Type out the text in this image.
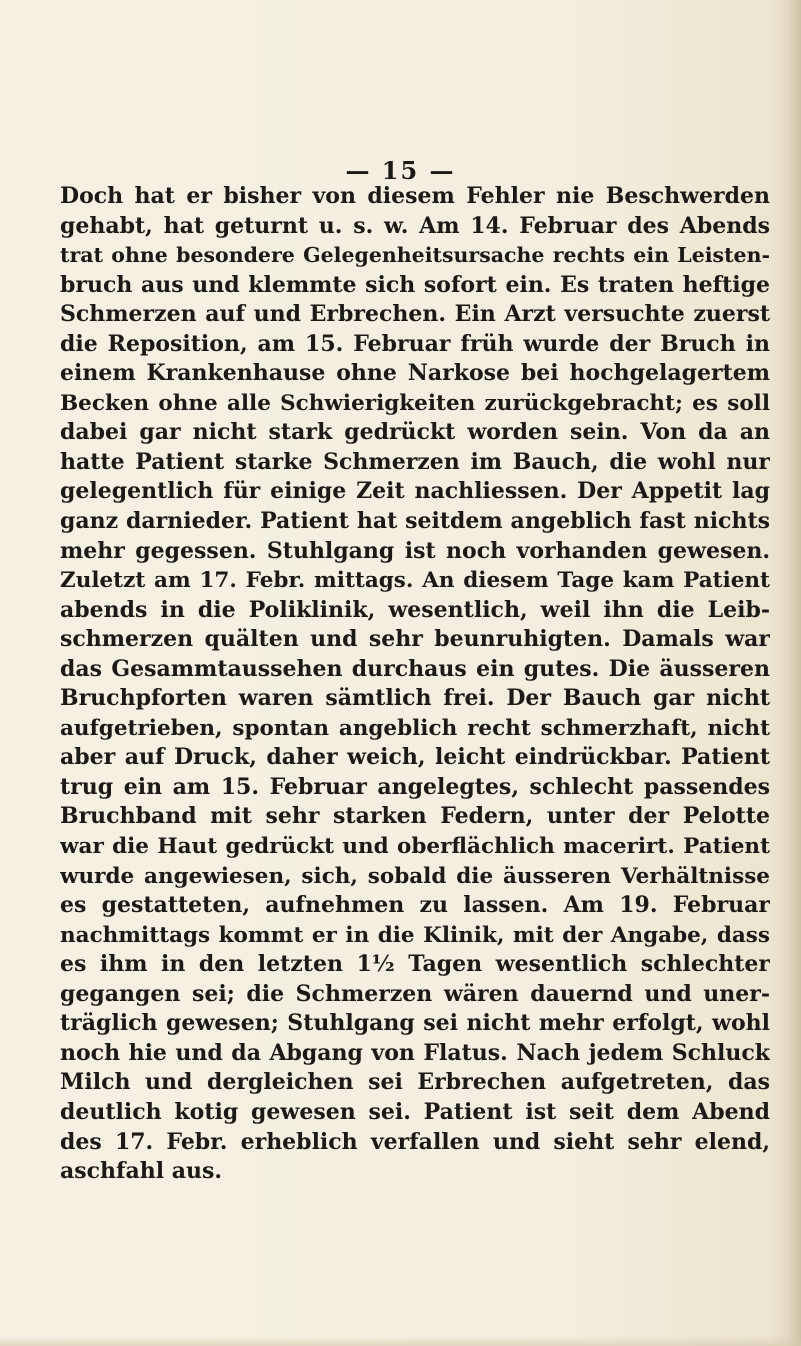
— 15 —
Doch hat er bisher von diesem Fehler nie Beschwerden
gehabt, hat geturnt u. s. w. Am 14. Februar des Abends
trat ohne besondere Gelegenheitsursache rechts ein Leisten-
bruch aus und klemmte sich sofort ein. Es traten heftige
Schmerzen auf und Erbrechen. Ein Arzt versuchte zuerst
die Reposition, am 15. Februar früh wurde der Bruch in
einem Krankenhause ohne Narkose bei hochgelagertem
Becken ohne alle Schwierigkeiten zurückgebracht; es soll
dabei gar nicht stark gedrückt worden sein. Von da an
hatte Patient starke Schmerzen im Bauch, die wohl nur
gelegentlich für einige Zeit nachliessen. Der Appetit lag
ganz darnieder. Patient hat seitdem angeblich fast nichts
mehr gegessen. Stuhlgang ist noch vorhanden gewesen.
Zuletzt am 17. Febr. mittags. An diesem Tage kam Patient
abends in die Poliklinik, wesentlich, weil ihn die Leib-
schmerzen quälten und sehr beunruhigten. Damals war
das Gesammtaussehen durchaus ein gutes. Die äusseren
Bruchpforten waren sämtlich frei. Der Bauch gar nicht
aufgetrieben, spontan angeblich recht schmerzhaft, nicht
aber auf Druck, daher weich, leicht eindrückbar. Patient
trug ein am 15. Februar angelegtes, schlecht passendes
Bruchband mit sehr starken Federn, unter der Pelotte
war die Haut gedrückt und oberflächlich macerirt. Patient
wurde angewiesen, sich, sobald die äusseren Verhältnisse
es gestatteten, aufnehmen zu lassen. Am 19. Februar
nachmittags kommt er in die Klinik, mit der Angabe, dass
es ihm in den letzten 1½ Tagen wesentlich schlechter
gegangen sei; die Schmerzen wären dauernd und uner-
träglich gewesen; Stuhlgang sei nicht mehr erfolgt, wohl
noch hie und da Abgang von Flatus. Nach jedem Schluck
Milch und dergleichen sei Erbrechen aufgetreten, das
deutlich kotig gewesen sei. Patient ist seit dem Abend
des 17. Febr. erheblich verfallen und sieht sehr elend,
aschfahl aus.
